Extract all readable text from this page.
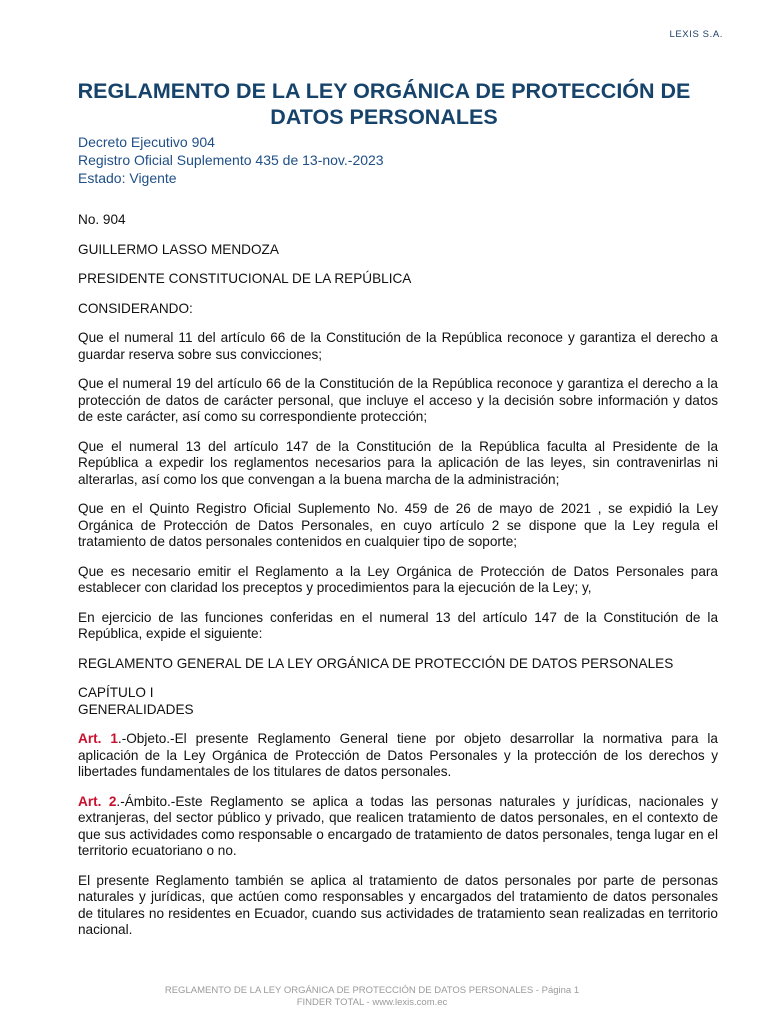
LEXIS S.A.
REGLAMENTO DE LA LEY ORGÁNICA DE PROTECCIÓN DE DATOS PERSONALES
Decreto Ejecutivo 904
Registro Oficial Suplemento 435 de 13-nov.-2023
Estado: Vigente

No. 904

GUILLERMO LASSO MENDOZA

PRESIDENTE CONSTITUCIONAL DE LA REPÚBLICA

CONSIDERANDO:

Que el numeral 11 del artículo 66 de la Constitución de la República reconoce y garantiza el derecho a guardar reserva sobre sus convicciones;

Que el numeral 19 del artículo 66 de la Constitución de la República reconoce y garantiza el derecho a la protección de datos de carácter personal, que incluye el acceso y la decisión sobre información y datos de este carácter, así como su correspondiente protección;

Que el numeral 13 del artículo 147 de la Constitución de la República faculta al Presidente de la República a expedir los reglamentos necesarios para la aplicación de las leyes, sin contravenirlas ni alterarlas, así como los que convengan a la buena marcha de la administración;

Que en el Quinto Registro Oficial Suplemento No. 459 de 26 de mayo de 2021 , se expidió la Ley Orgánica de Protección de Datos Personales, en cuyo artículo 2 se dispone que la Ley regula el tratamiento de datos personales contenidos en cualquier tipo de soporte;

Que es necesario emitir el Reglamento a la Ley Orgánica de Protección de Datos Personales para establecer con claridad los preceptos y procedimientos para la ejecución de la Ley; y,

En ejercicio de las funciones conferidas en el numeral 13 del artículo 147 de la Constitución de la República, expide el siguiente:

REGLAMENTO GENERAL DE LA LEY ORGÁNICA DE PROTECCIÓN DE DATOS PERSONALES

CAPÍTULO I
GENERALIDADES

Art. 1.-Objeto.-El presente Reglamento General tiene por objeto desarrollar la normativa para la aplicación de la Ley Orgánica de Protección de Datos Personales y la protección de los derechos y libertades fundamentales de los titulares de datos personales.

Art. 2.-Ámbito.-Este Reglamento se aplica a todas las personas naturales y jurídicas, nacionales y extranjeras, del sector público y privado, que realicen tratamiento de datos personales, en el contexto de que sus actividades como responsable o encargado de tratamiento de datos personales, tenga lugar en el territorio ecuatoriano o no.

El presente Reglamento también se aplica al tratamiento de datos personales por parte de personas naturales y jurídicas, que actúen como responsables y encargados del tratamiento de datos personales de titulares no residentes en Ecuador, cuando sus actividades de tratamiento sean realizadas en territorio nacional.

REGLAMENTO DE LA LEY ORGÁNICA DE PROTECCIÓN DE DATOS PERSONALES - Página 1
FINDER TOTAL - www.lexis.com.ec
